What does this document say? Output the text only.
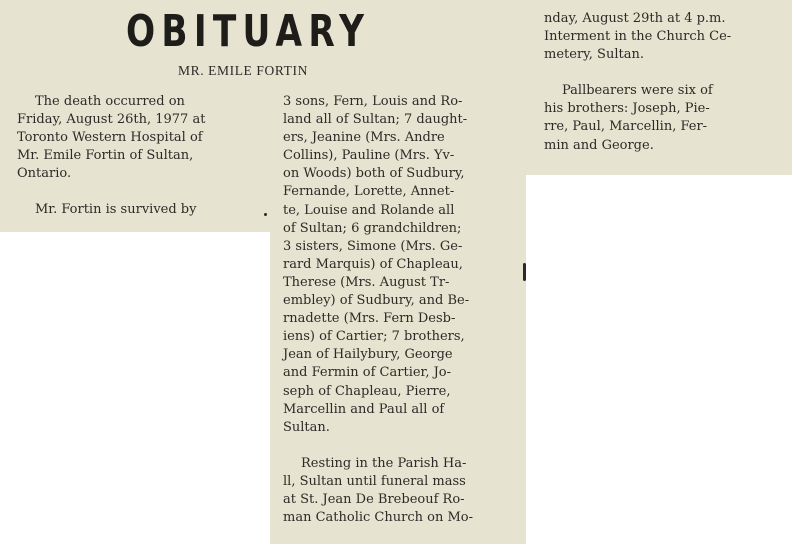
OBITUARY
MR. EMILE FORTIN
The death occurred on
Friday, August 26th, 1977 at
Toronto Western Hospital of
Mr. Emile Fortin of Sultan,
Ontario.
Mr. Fortin is survived by
3 sons, Fern, Louis and Ro-
land all of Sultan; 7 daught-
ers, Jeanine (Mrs. Andre
Collins), Pauline (Mrs. Yv-
on Woods) both of Sudbury,
Fernande, Lorette, Annet-
te, Louise and Rolande all
of Sultan; 6 grandchildren;
3 sisters, Simone (Mrs. Ge-
rard Marquis) of Chapleau,
Therese (Mrs. August Tr-
embley) of Sudbury, and Be-
rnadette (Mrs. Fern Desb-
iens) of Cartier; 7 brothers,
Jean of Hailybury, George
and Fermin of Cartier, Jo-
seph of Chapleau, Pierre,
Marcellin and Paul all of
Sultan.
Resting in the Parish Ha-
ll, Sultan until funeral mass
at St. Jean De Brebeouf Ro-
man Catholic Church on Mo-
nday, August 29th at 4 p.m.
Interment in the Church Ce-
metery, Sultan.
Pallbearers were six of
his brothers: Joseph, Pie-
rre, Paul, Marcellin, Fer-
min and George.
